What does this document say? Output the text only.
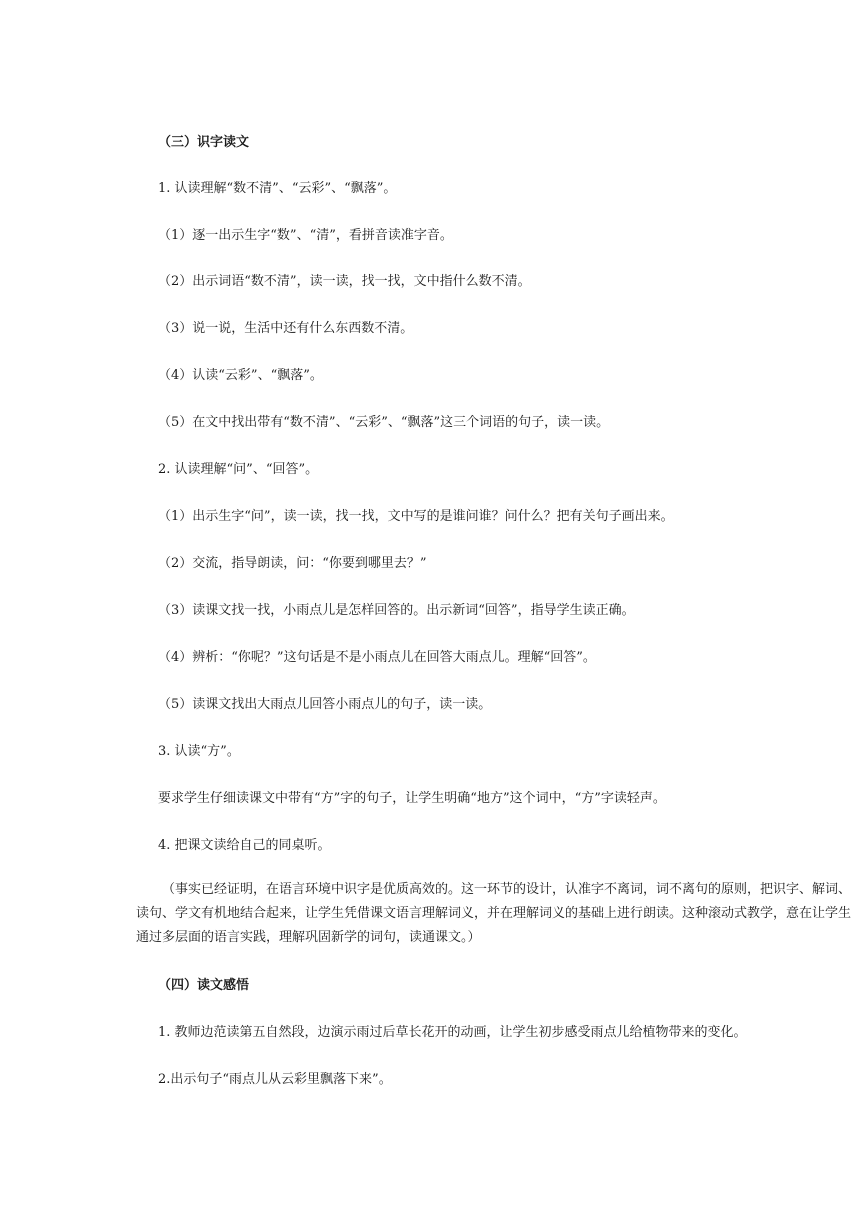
（三）识字读文
1. 认读理解“数不清”、“云彩”、“飘落”。
（1）逐一出示生字“数”、“清”，看拼音读准字音。
（2）出示词语“数不清”，读一读，找一找，文中指什么数不清。
（3）说一说，生活中还有什么东西数不清。
（4）认读“云彩”、“飘落”。
（5）在文中找出带有“数不清”、“云彩”、“飘落”这三个词语的句子，读一读。
2. 认读理解“问”、“回答”。
（1）出示生字“问”，读一读，找一找，文中写的是谁问谁？问什么？把有关句子画出来。
（2）交流，指导朗读，问：“你要到哪里去？”
（3）读课文找一找，小雨点儿是怎样回答的。出示新词“回答”，指导学生读正确。
（4）辨析：“你呢？”这句话是不是小雨点儿在回答大雨点儿。理解“回答”。
（5）读课文找出大雨点儿回答小雨点儿的句子，读一读。
3. 认读“方”。
要求学生仔细读课文中带有“方”字的句子，让学生明确“地方”这个词中，“方”字读轻声。
4. 把课文读给自己的同桌听。
（事实已经证明，在语言环境中识字是优质高效的。这一环节的设计，认准字不离词，词不离句的原则，把识字、解词、读句、学文有机地结合起来，让学生凭借课文语言理解词义，并在理解词义的基础上进行朗读。这种滚动式教学，意在让学生通过多层面的语言实践，理解巩固新学的词句，读通课文。）
（四）读文感悟
1. 教师边范读第五自然段，边演示雨过后草长花开的动画，让学生初步感受雨点儿给植物带来的变化。
2.出示句子“雨点儿从云彩里飘落下来”。
